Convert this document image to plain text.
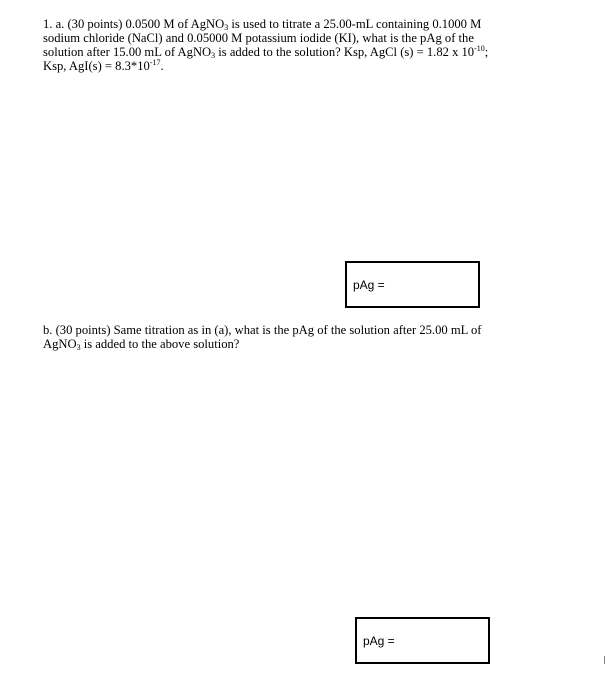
1. a. (30 points) 0.0500 M of AgNO$_3$ is used to titrate a 25.00-mL containing 0.1000 M
sodium chloride (NaCl) and 0.05000 M potassium iodide (KI), what is the pAg of the
solution after 15.00 mL of AgNO$_3$ is added to the solution? Ksp, AgCl (s) = 1.82 x $10^{-10}$;
Ksp, $AgI(s) = 8.3*10^{-17}$.
pAg =
b. (30 points) Same titration as in (a), what is the pAg of the solution after 25.00 mL of
AgNO$_3$ is added to the above solution?
pAg =
